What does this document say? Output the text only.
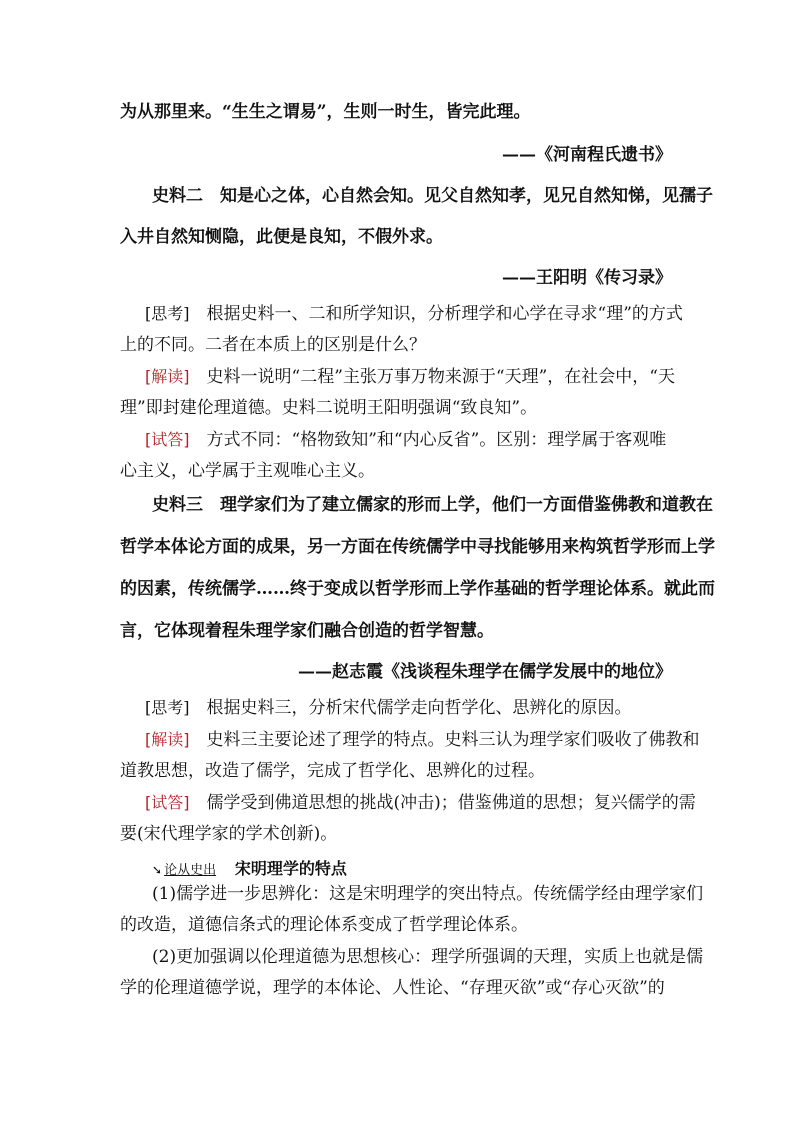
为从那里来。“生生之谓易”，生则一时生，皆完此理。
——《河南程氏遗书》
史料二　知是心之体，心自然会知。见父自然知孝，见兄自然知悌，见孺子
入井自然知恻隐，此便是良知，不假外求。
——王阳明《传习录》
[思考]　根据史料一、二和所学知识，分析理学和心学在寻求“理”的方式
上的不同。二者在本质上的区别是什么？
[解读]　史料一说明“二程”主张万事万物来源于“天理”，在社会中，“天
理”即封建伦理道德。史料二说明王阳明强调“致良知”。
[试答]　方式不同：“格物致知”和“内心反省”。区别：理学属于客观唯
心主义，心学属于主观唯心主义。
史料三　理学家们为了建立儒家的形而上学，他们一方面借鉴佛教和道教在
哲学本体论方面的成果，另一方面在传统儒学中寻找能够用来构筑哲学形而上学
的因素，传统儒学……终于变成以哲学形而上学作基础的哲学理论体系。就此而
言，它体现着程朱理学家们融合创造的哲学智慧。
——赵志霞《浅谈程朱理学在儒学发展中的地位》
[思考]　根据史料三，分析宋代儒学走向哲学化、思辨化的原因。
[解读]　史料三主要论述了理学的特点。史料三认为理学家们吸收了佛教和
道教思想，改造了儒学，完成了哲学化、思辨化的过程。
[试答]　儒学受到佛道思想的挑战(冲击)；借鉴佛道的思想；复兴儒学的需
要(宋代理学家的学术创新)。
➘ 论从史出 宋明理学的特点
(1)儒学进一步思辨化：这是宋明理学的突出特点。传统儒学经由理学家们
的改造，道德信条式的理论体系变成了哲学理论体系。
(2)更加强调以伦理道德为思想核心：理学所强调的天理，实质上也就是儒
学的伦理道德学说，理学的本体论、人性论、“存理灭欲”或“存心灭欲”的
